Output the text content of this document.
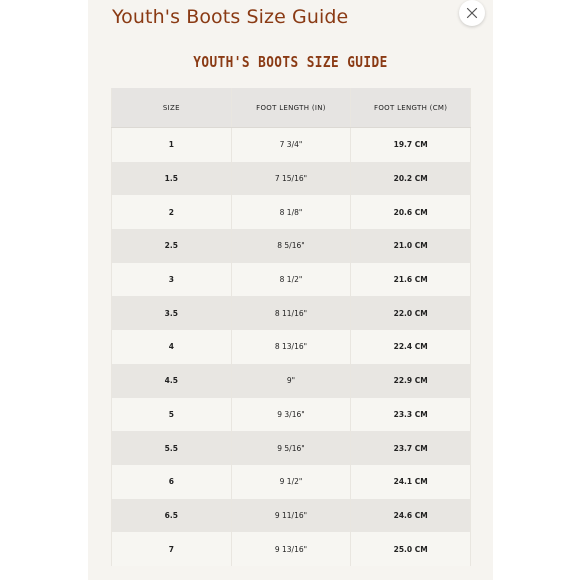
Youth's Boots Size Guide
YOUTH'S BOOTS SIZE GUIDE
SIZE	FOOT LENGTH (IN)	FOOT LENGTH (CM)
1	7 3/4"	19.7 CM
1.5	7 15/16"	20.2 CM
2	8 1/8"	20.6 CM
2.5	8 5/16"	21.0 CM
3	8 1/2"	21.6 CM
3.5	8 11/16"	22.0 CM
4	8 13/16"	22.4 CM
4.5	9"	22.9 CM
5	9 3/16"	23.3 CM
5.5	9 5/16"	23.7 CM
6	9 1/2"	24.1 CM
6.5	9 11/16"	24.6 CM
7	9 13/16"	25.0 CM
